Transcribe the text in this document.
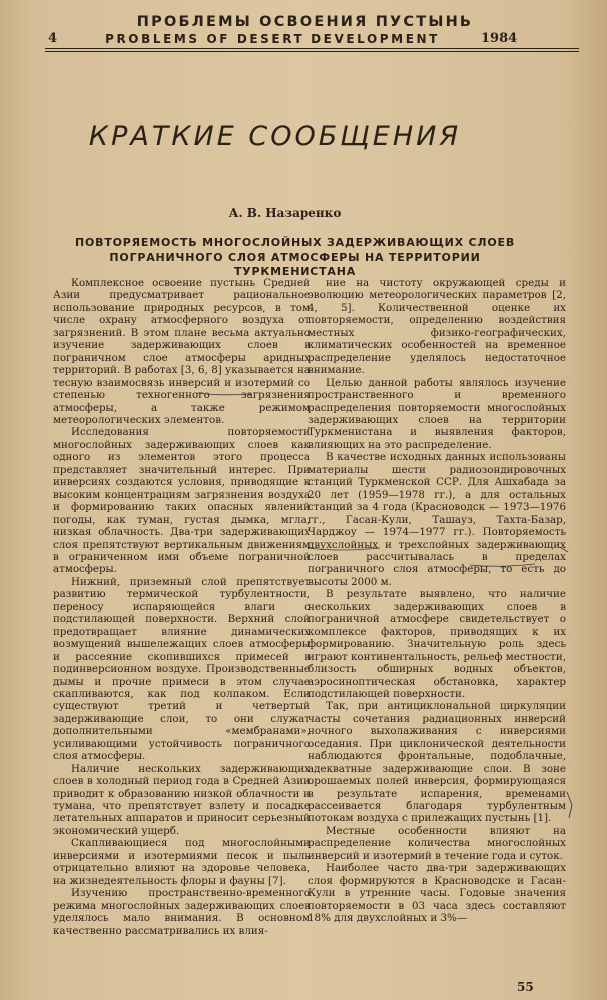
ПРОБЛЕМЫ ОСВОЕНИЯ ПУСТЫНЬ
4	PROBLEMS OF DESERT DEVELOPMENT	1984
КРАТКИЕ СООБЩЕНИЯ
А. В. Назаренко
ПОВТОРЯЕМОСТЬ МНОГОСЛОЙНЫХ ЗАДЕРЖИВАЮЩИХ СЛОЕВ ПОГРАНИЧНОГО СЛОЯ АТМОСФЕРЫ НА ТЕРРИТОРИИ ТУРКМЕНИСТАНА

Комплексное освоение пустынь Средней Азии предусматривает рациональное использование природных ресурсов, в том числе охрану атмосферного воздуха от загрязнений. В этом плане весьма актуально изучение задерживающих слоев в пограничном слое атмосферы аридных территорий. В работах [3, 6, 8] указывается на тесную взаимосвязь инверсий и изотермий со степенью техногенного загрязнения атмосферы, а также режимом метеорологических элементов.

Исследования повторяемости многослойных задерживающих слоев как одного из элементов этого процесса представляет значительный интерес. При инверсиях создаются условия, приводящие к высоким концентрациям загрязнения воздуха и формированию таких опасных явлений погоды, как туман, густая дымка, мгла, низкая облачность. Два-три задерживающих слоя препятствуют вертикальным движениям в ограниченном ими объеме пограничной атмосферы.

Нижний, приземный слой препятствует развитию термической турбулентности, переносу испаряющейся влаги с подстилающей поверхности. Верхний слой предотвращает влияние динамических возмущений вышележащих слоев атмосферы и рассеяние скопившихся примесей в подинверсионном воздухе. Производственные дымы и прочие примеси в этом случае скапливаются, как под колпаком. Если существуют третий и четвертый задерживающие слои, то они служат дополнительными «мембранами», усиливающими устойчивость пограничного слоя атмосферы.

Наличие нескольких задерживающих слоев в холодный период года в Средней Азии приводит к образованию низкой облачности и тумана, что препятствует взлету и посадке летательных аппаратов и приносит серьезный экономический ущерб.

Скапливающиеся под многослойными инверсиями и изотермиями песок и пыль отрицательно влияют на здоровье человека, на жизнедеятельность флоры и фауны [7].

Изучению пространственно-временного режима многослойных задерживающих слоев уделялось мало внимания. В основном качественно рассматривались их влия-

ние на чистоту окружающей среды и эволюцию метеорологических параметров [2, 4, 5]. Количественной оценке их повторяемости, определению воздействия местных физико-географических, климатических особенностей на временное распределение уделялось недостаточное внимание.

Целью данной работы являлось изучение пространственного и временного распределения повторяемости многослойных задерживающих слоев на территории Туркменистана и выявления факторов, влияющих на это распределение.

В качестве исходных данных использованы материалы шести радиозондировочных станций Туркменской ССР. Для Ашхабада за 20 лет (1959—1978 гг.), а для остальных станций за 4 года (Красноводск — 1973—1976 гг., Гасан-Кули, Ташауз, Тахта-Базар, Чарджоу — 1974—1977 гг.). Повторяемость двухслойных и трехслойных задерживающих слоев рассчитывалась в пределах пограничного слоя атмосферы, то есть до высоты 2000 м.

В результате выявлено, что наличие нескольких задерживающих слоев в пограничной атмосфере свидетельствует о комплексе факторов, приводящих к их формированию. Значительную роль здесь играют континентальность, рельеф местности, близость обширных водных объектов, аэросиноптическая обстановка, характер подстилающей поверхности.

Так, при антициклональной циркуляции часты сочетания радиационных инверсий ночного выхолаживания с инверсиями оседания. При циклонической деятельности наблюдаются фронтальные, подоблачные, адекватные задерживающие слои. В зоне орошаемых полей инверсия, формирующаяся в результате испарения, временами рассеивается благодаря турбулентным потокам воздуха с прилежащих пустынь [1].

Местные особенности влияют на распределение количества многослойных инверсий и изотермий в течение года и суток.

Наиболее часто два-три задерживающих слоя формируются в Красноводске и Гасан-Кули в утренние часы. Годовые значения повторяемости в 03 часа здесь составляют 18% для двухслойных и 3%—

55
